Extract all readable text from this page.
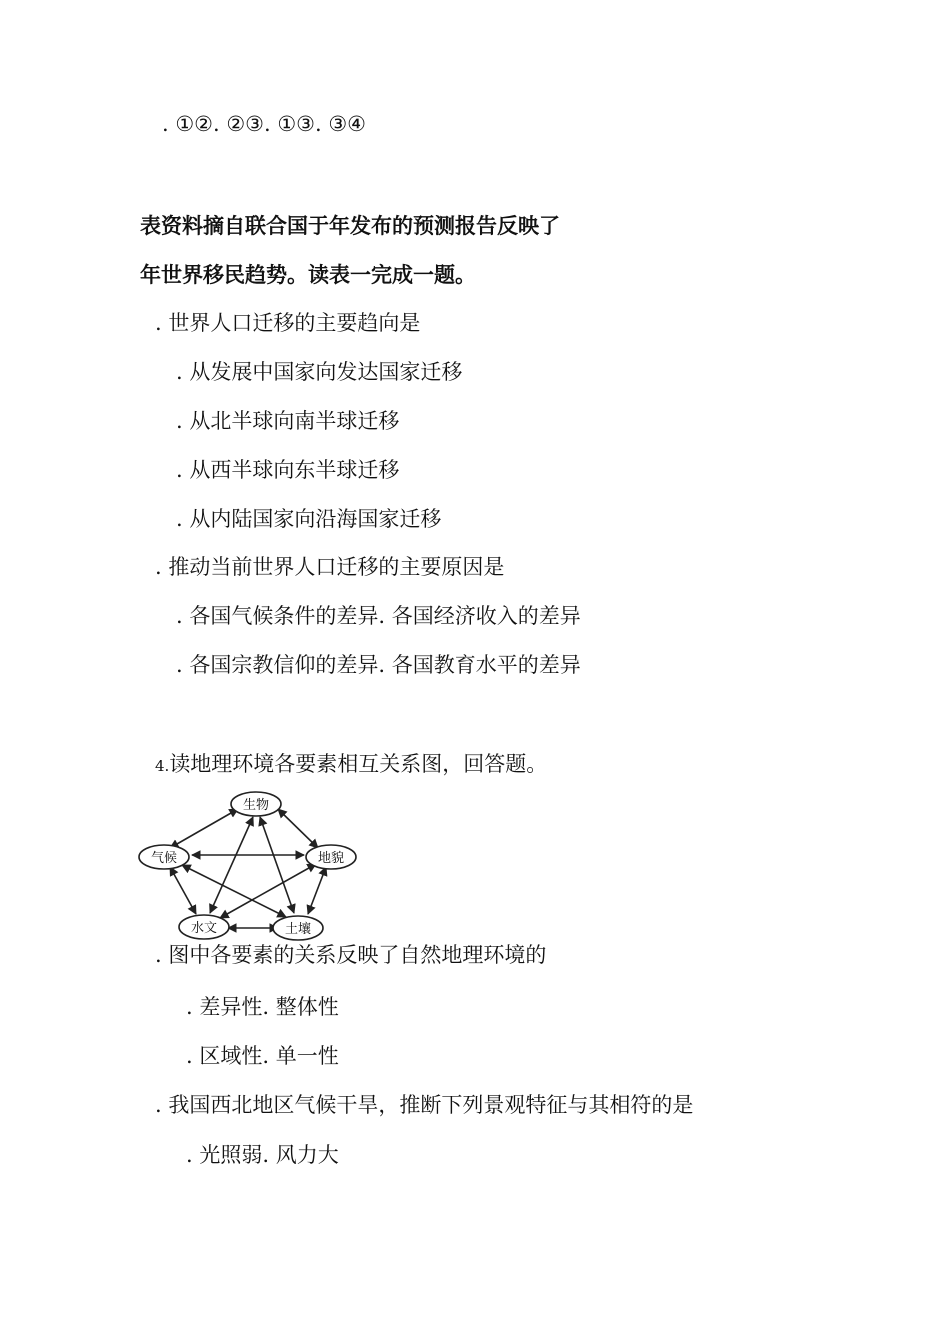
. ①②. ②③. ①③. ③④
表资料摘自联合国于年发布的预测报告反映了
年世界移民趋势。读表一完成一题。
. 世界人口迁移的主要趋向是
. 从发展中国家向发达国家迁移
. 从北半球向南半球迁移
. 从西半球向东半球迁移
. 从内陆国家向沿海国家迁移
. 推动当前世界人口迁移的主要原因是
. 各国气候条件的差异. 各国经济收入的差异
. 各国宗教信仰的差异. 各国教育水平的差异
4.读地理环境各要素相互关系图，回答题。
生物
气候	地貌
水文	土壤
. 图中各要素的关系反映了自然地理环境的
. 差异性. 整体性
. 区域性. 单一性
. 我国西北地区气候干旱，推断下列景观特征与其相符的是
. 光照弱. 风力大
